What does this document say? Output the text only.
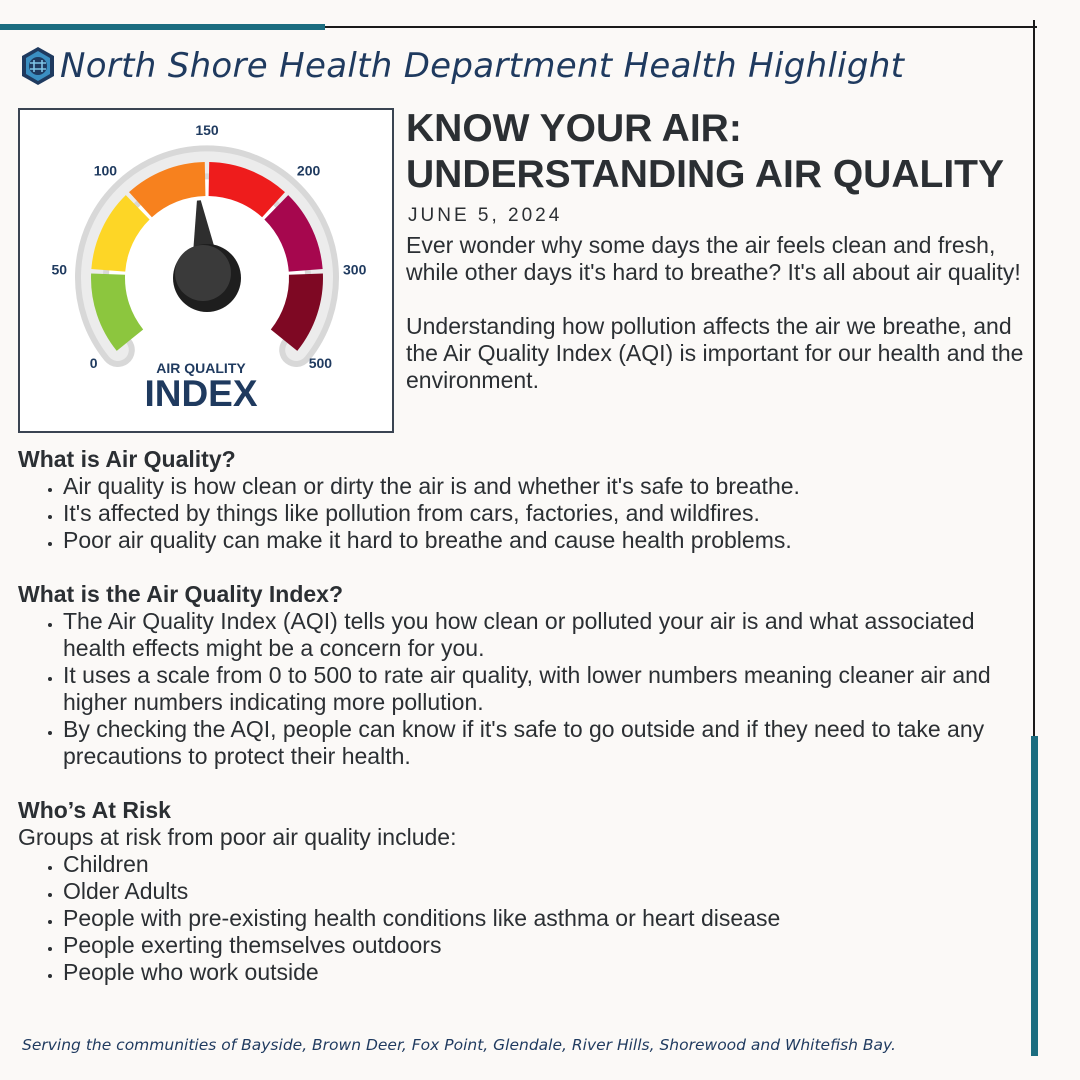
North Shore Health Department Health Highlight
0
50
100
150
200
300
500
AIR QUALITY
INDEX
KNOW YOUR AIR:
UNDERSTANDING AIR QUALITY
JUNE 5, 2024

Ever wonder why some days the air feels clean and fresh, while other days it's hard to breathe? It's all about air quality!

Understanding how pollution affects the air we breathe, and the Air Quality Index (AQI) is important for our health and the environment.

What is Air Quality?

• Air quality is how clean or dirty the air is and whether it's safe to breathe.
• It's affected by things like pollution from cars, factories, and wildfires.
• Poor air quality can make it hard to breathe and cause health problems.

What is the Air Quality Index?

• The Air Quality Index (AQI) tells you how clean or polluted your air is and what associated health effects might be a concern for you.
• It uses a scale from 0 to 500 to rate air quality, with lower numbers meaning cleaner air and higher numbers indicating more pollution.
• By checking the AQI, people can know if it's safe to go outside and if they need to take any precautions to protect their health.

Who’s At Risk

Groups at risk from poor air quality include:

• Children
• Older Adults
• People with pre-existing health conditions like asthma or heart disease
• People exerting themselves outdoors
• People who work outside
Serving the communities of Bayside, Brown Deer, Fox Point, Glendale, River Hills, Shorewood and Whitefish Bay.
